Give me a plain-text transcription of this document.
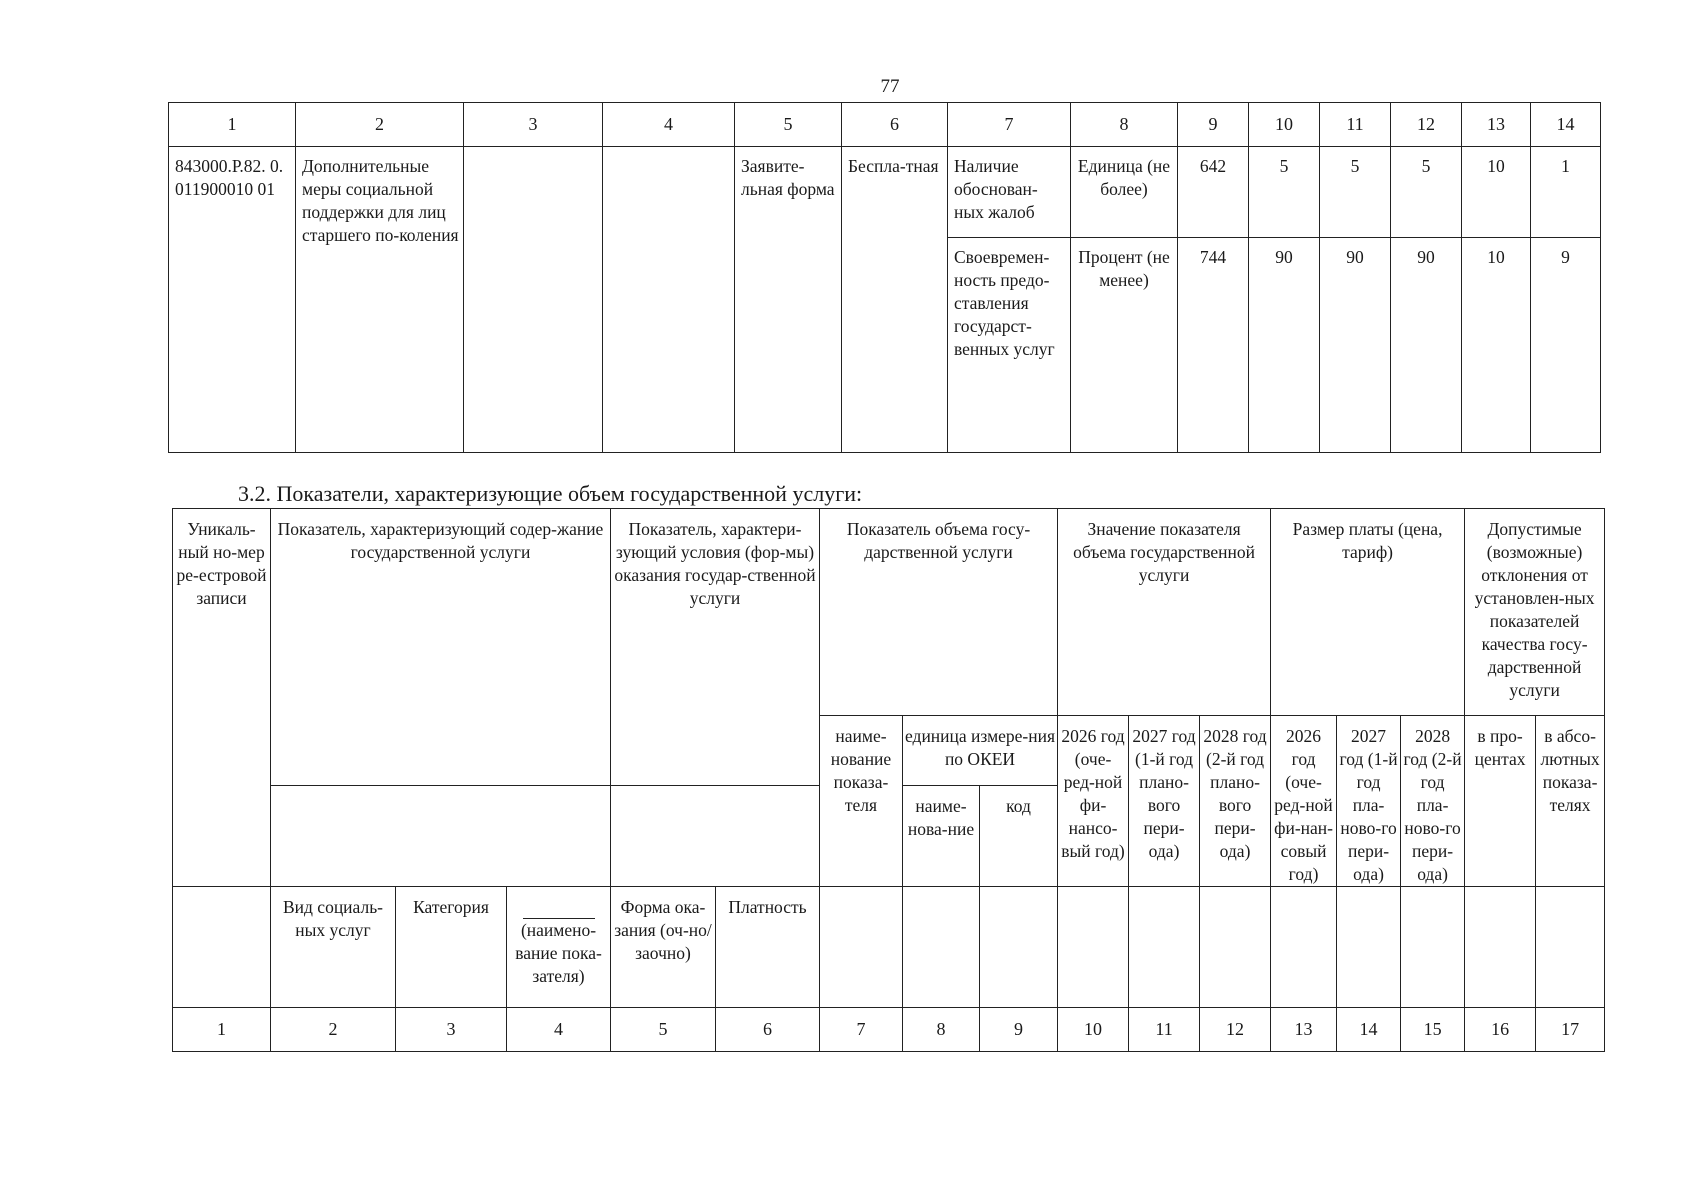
77
1	2	3	4	5	6	7	8	9	10	11	12	13	14
843000.Р.82. 0.011900010 01	Дополнительные меры социальной поддержки для лиц старшего по-коления			Заявите-льная форма	Беспла-тная	Наличие обоснован-ных жалоб	Единица (не более)	642	5	5	5	10	1
						Своевремен-ность предо-ставления государст-венных услуг	Процент (не менее)	744	90	90	90	10	9
3.2. Показатели, характеризующие объем государственной услуги:
Уникаль-ный но-мер ре-естровой записи	Показатель, характеризующий содер-жание государственной услуги			Показатель, характери-зующий условия (фор-мы) оказания государ-ственной услуги		Показатель объема госу-дарственной услуги			Значение показателя объема государственной услуги			Размер платы (цена, тариф)			Допустимые (возможные) отклонения от установлен-ных показателей качества госу-дарственной услуги	
						наиме-нование показа-теля	единица измере-ния по ОКЕИ		2026 год (оче-ред-ной фи-нансо-вый год)	2027 год (1-й год плано-вого пери-ода)	2028 год (2-й год плано-вого пери-ода)	2026 год (оче-ред-ной фи-нан-совый год)	2027 год (1-й год пла-ново-го пери-ода)	2028 год (2-й год пла-ново-го пери-ода)	в про-центах	в абсо-лютных показа-телях
							наиме-нова-ние	код								

	Вид социаль-ных услуг	Категория	(наимено-вание пока-зателя)	Форма ока-зания (оч-но/заочно)	Платность											
1	2	3	4	5	6	7	8	9	10	11	12	13	14	15	16	17
